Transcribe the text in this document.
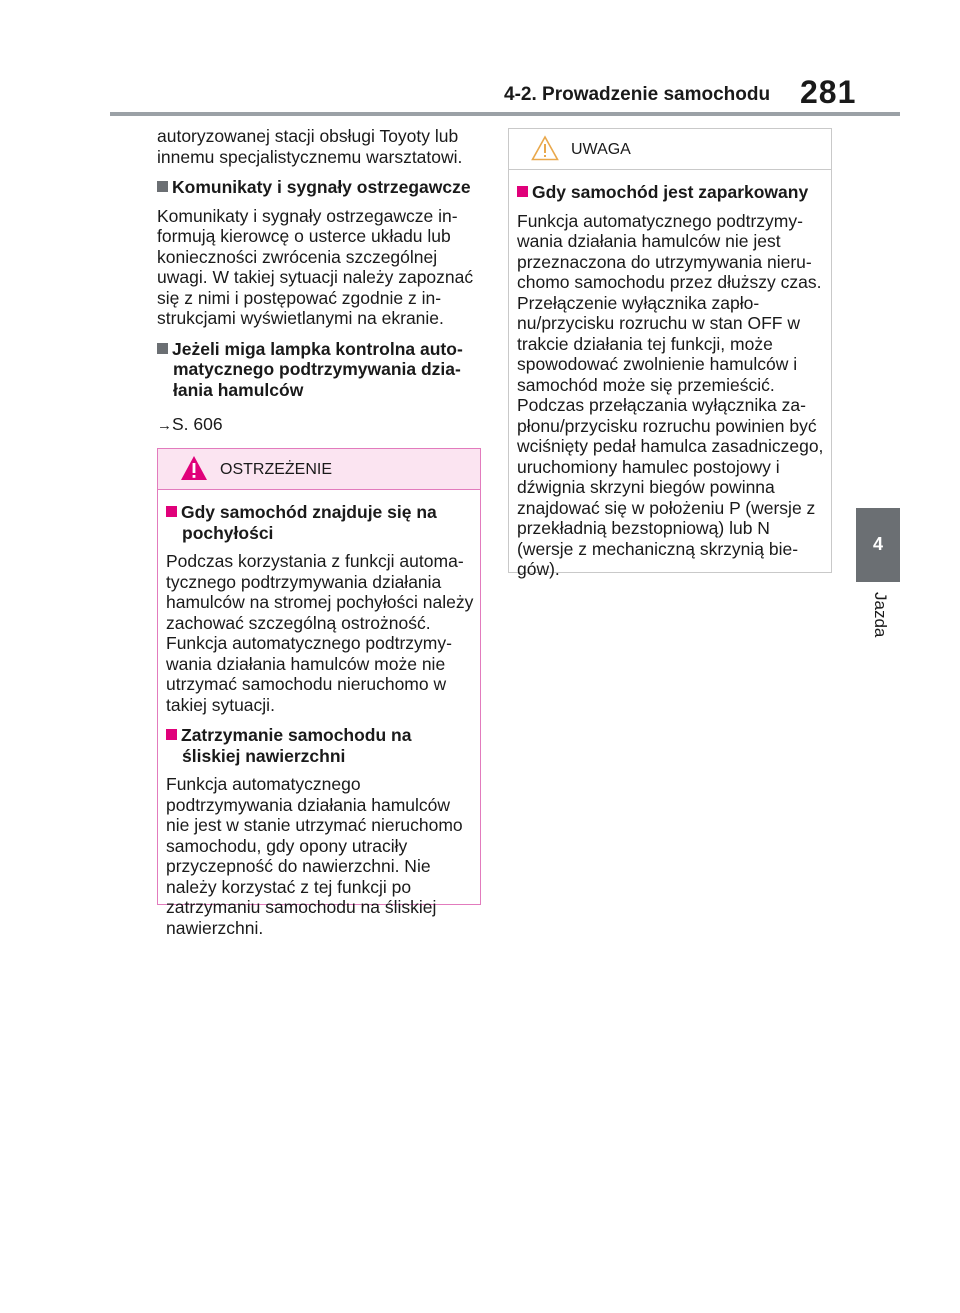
4-2. Prowadzenie samochodu 281
4
Jazda

autoryzowanej stacji obsługi Toyoty lub innemu specjalistycznemu warsztatowi.

Komunikaty i sygnały ostrzegawcze

Komunikaty i sygnały ostrzegawcze informują kierowcę o usterce układu lub konieczności zwrócenia szczególnej uwagi. W takiej sytuacji należy zapoznać się z nimi i postępować zgodnie z instrukcjami wyświetlanymi na ekranie.

Jeżeli miga lampka kontrolna automatycznego podtrzymywania działania hamulców

→S. 606

OSTRZEŻENIE
Gdy samochód znajduje się na pochyłości

Podczas korzystania z funkcji automatycznego podtrzymywania działania hamulców na stromej pochyłości należy zachować szczególną ostrożność. Funkcja automatycznego podtrzymywania działania hamulców może nie utrzymać samochodu nieruchomo w takiej sytuacji.

Zatrzymanie samochodu na śliskiej nawierzchni

Funkcja automatycznego podtrzymywania działania hamulców nie jest w stanie utrzymać nieruchomo samochodu, gdy opony utraciły przyczepność do nawierzchni. Nie należy korzystać z tej funkcji po zatrzymaniu samochodu na śliskiej nawierzchni.

UWAGA
Gdy samochód jest zaparkowany

Funkcja automatycznego podtrzymywania działania hamulców nie jest przeznaczona do utrzymywania nieruchomo samochodu przez dłuższy czas. Przełączenie wyłącznika zapłonu/przycisku rozruchu w stan OFF w trakcie działania tej funkcji, może spowodować zwolnienie hamulców i samochód może się przemieścić. Podczas przełączania wyłącznika zapłonu/przycisku rozruchu powinien być wciśnięty pedał hamulca zasadniczego, uruchomiony hamulec postojowy i dźwignia skrzyni biegów powinna znajdować się w położeniu P (wersje z przekładnią bezstopniową) lub N (wersje z mechaniczną skrzynią biegów).
